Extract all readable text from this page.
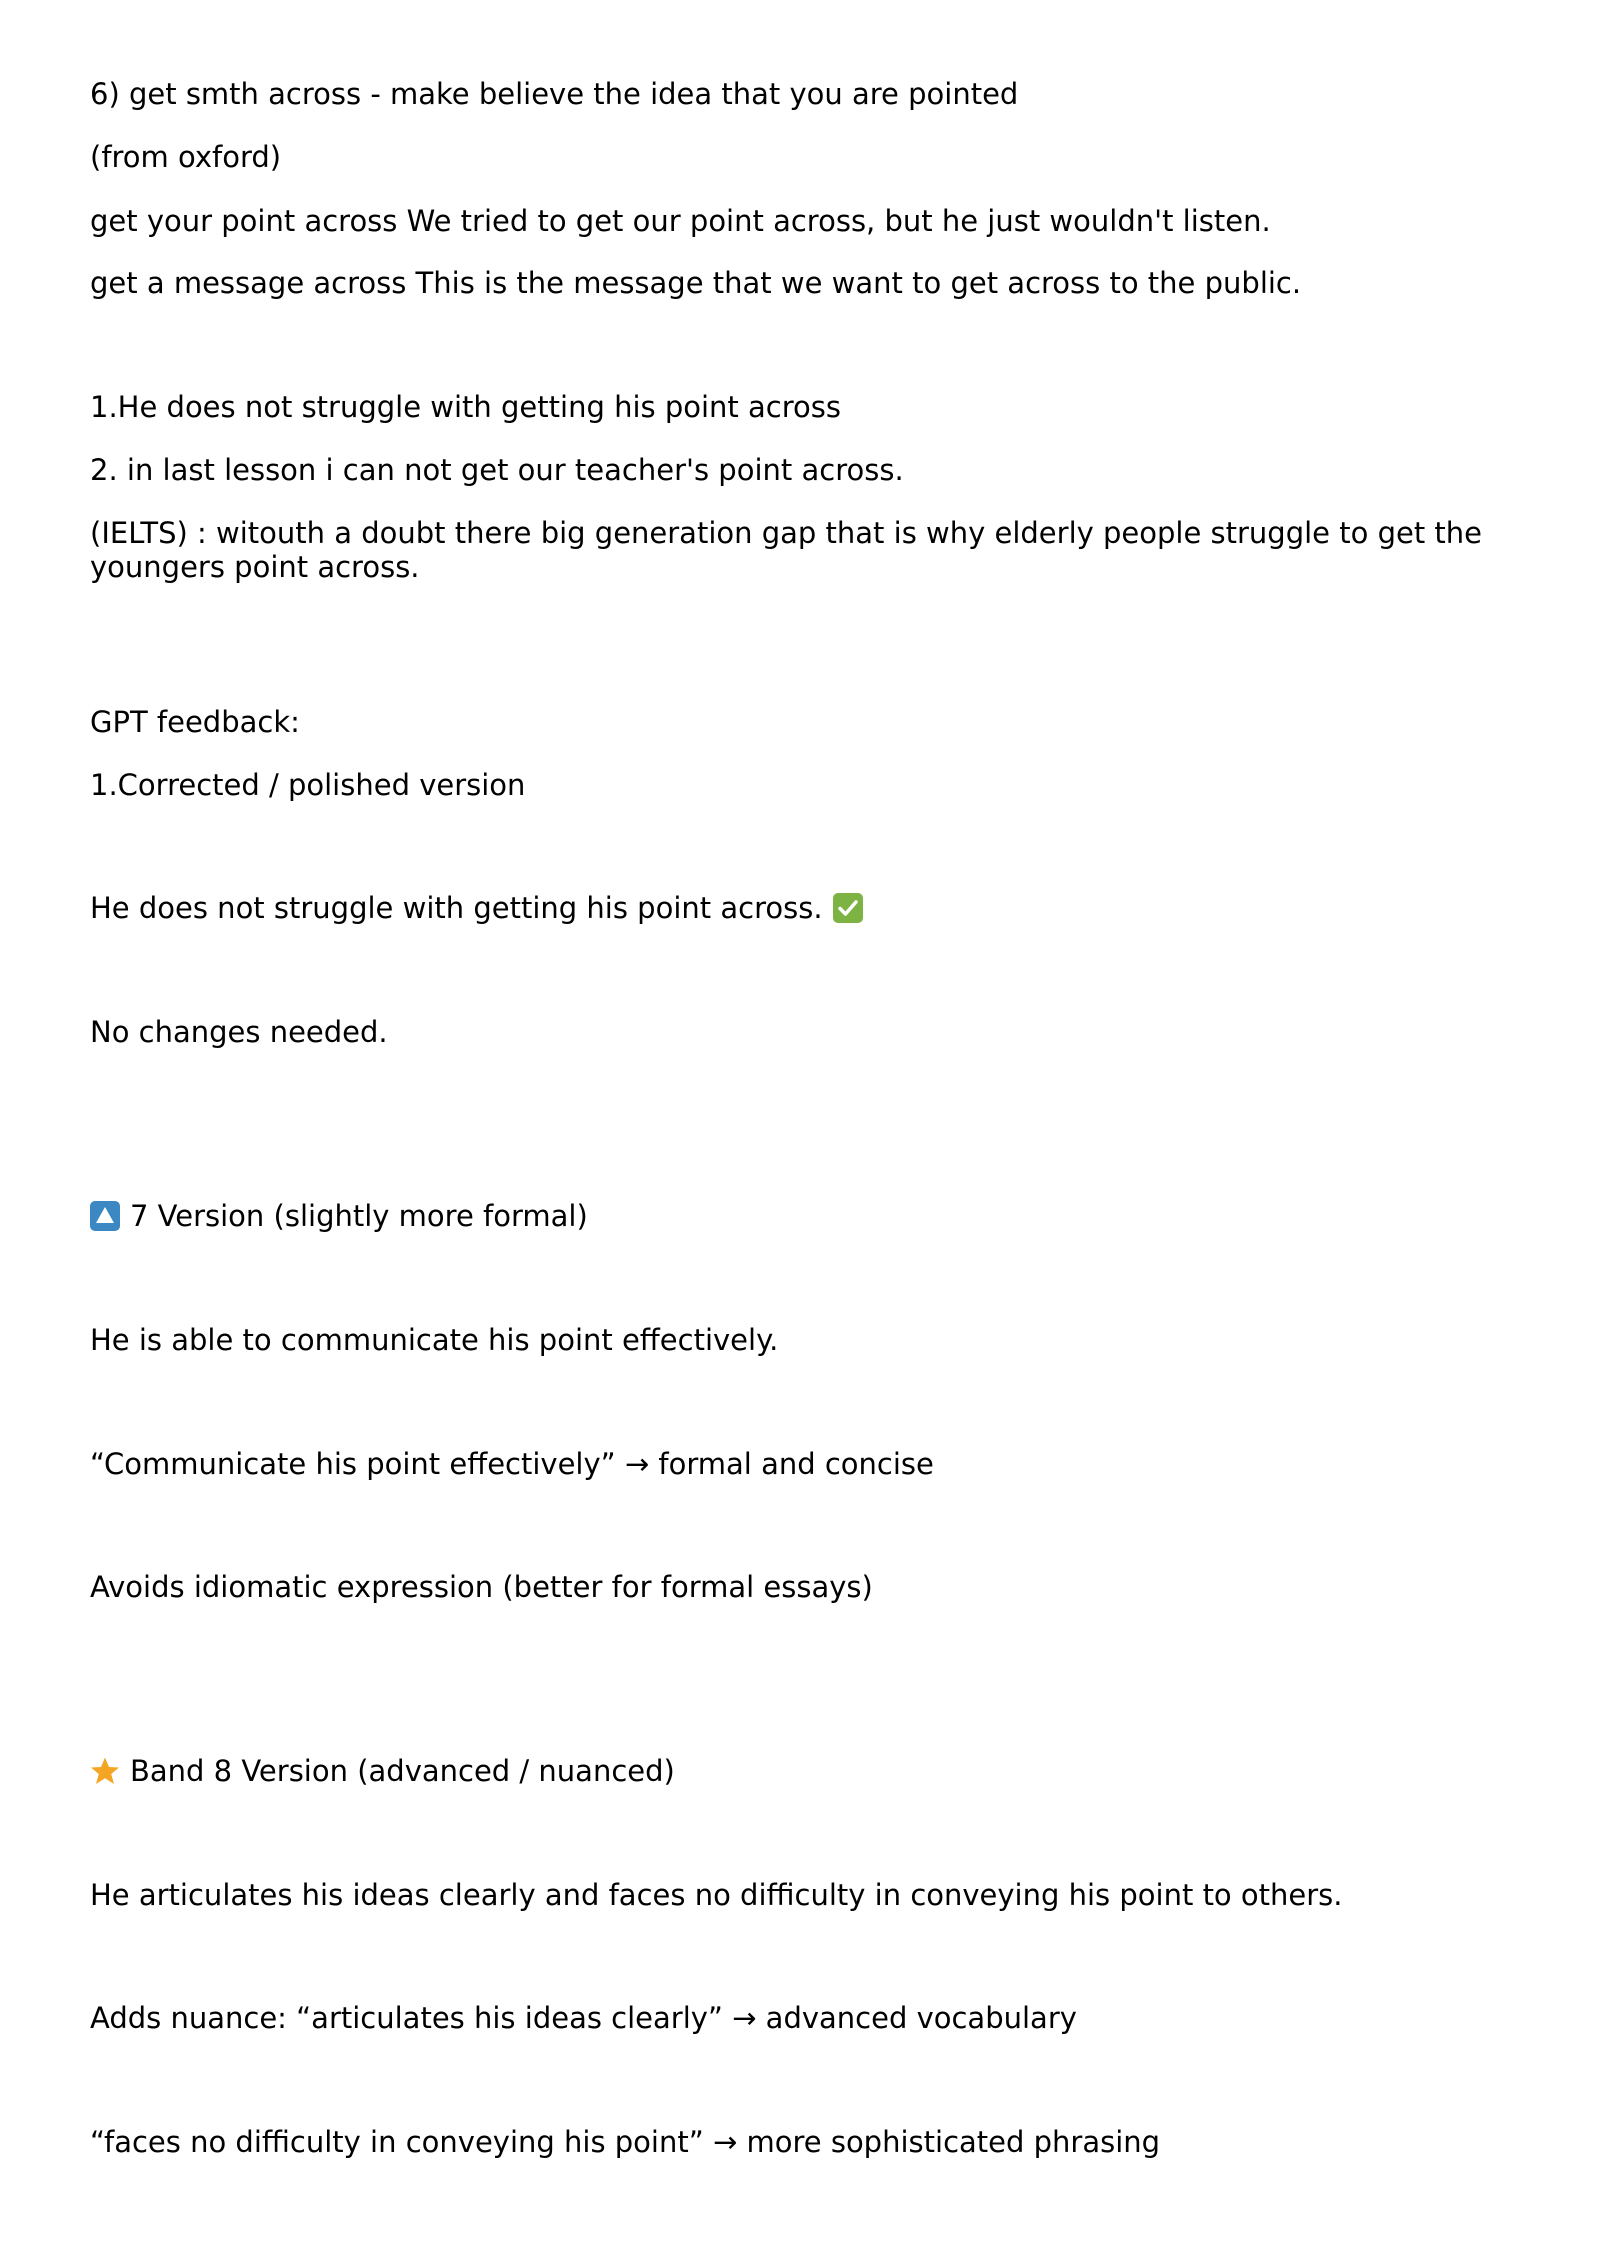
6) get smth across - make believe the idea that you are pointed
(from oxford)
get your point across We tried to get our point across, but he just wouldn't listen.
get a message across This is the message that we want to get across to the public.
1.He does not struggle with getting his point across
2. in last lesson i can not get our teacher's point across.
(IELTS) : witouth a doubt there big generation gap that is why elderly people struggle to get the youngers point across.
GPT feedback:
1.Corrected / polished version
He does not struggle with getting his point across.
No changes needed.
7 Version (slightly more formal)
He is able to communicate his point effectively.
“Communicate his point effectively” → formal and concise
Avoids idiomatic expression (better for formal essays)
Band 8 Version (advanced / nuanced)
He articulates his ideas clearly and faces no difficulty in conveying his point to others.
Adds nuance: “articulates his ideas clearly” → advanced vocabulary
“faces no difficulty in conveying his point” → more sophisticated phrasing
